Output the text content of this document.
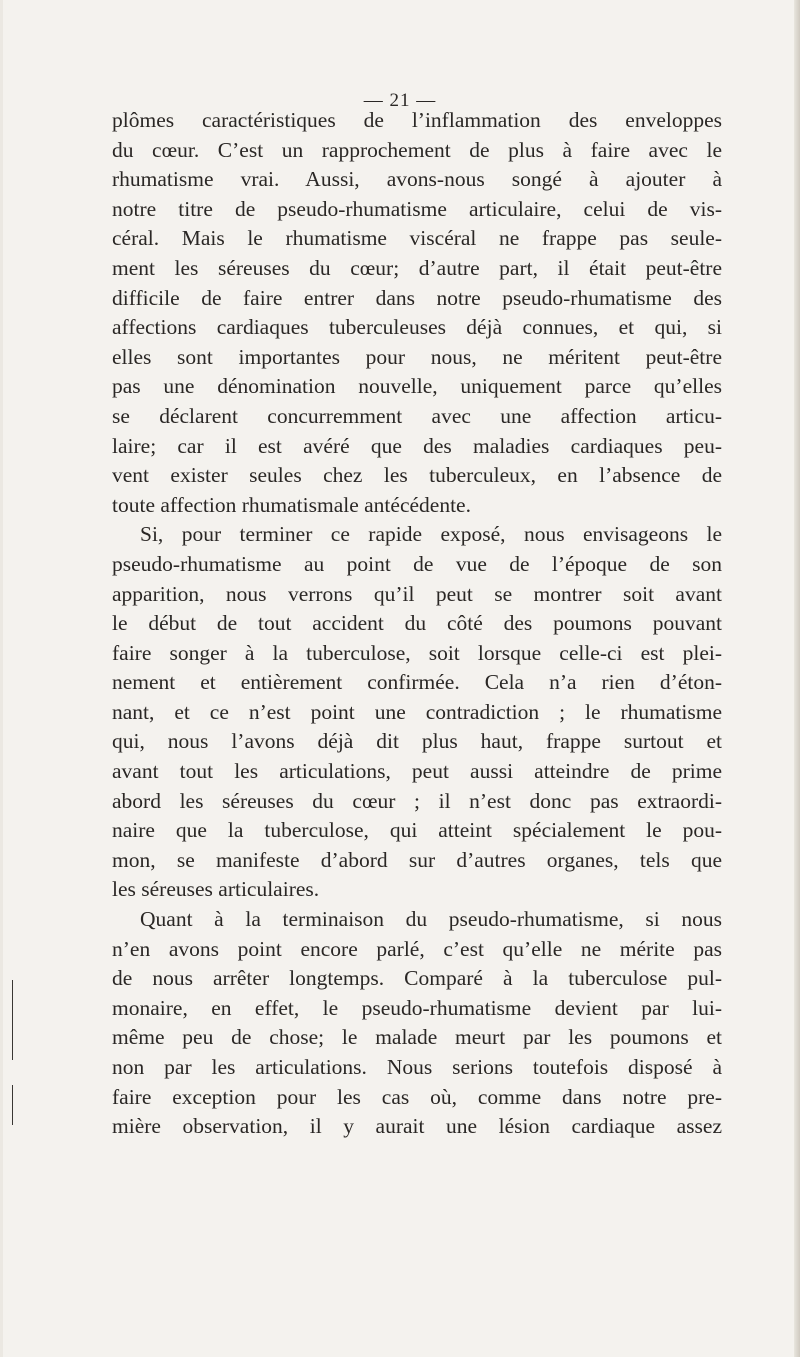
— 21 —
plômes caractéristiques de l’inflammation des enveloppes
du cœur. C’est un rapprochement de plus à faire avec le
rhumatisme vrai. Aussi, avons-nous songé à ajouter à
notre titre de pseudo-rhumatisme articulaire, celui de vis-
céral. Mais le rhumatisme viscéral ne frappe pas seule-
ment les séreuses du cœur; d’autre part, il était peut-être
difficile de faire entrer dans notre pseudo-rhumatisme des
affections cardiaques tuberculeuses déjà connues, et qui, si
elles sont importantes pour nous, ne méritent peut-être
pas une dénomination nouvelle, uniquement parce qu’elles
se déclarent concurremment avec une affection articu-
laire; car il est avéré que des maladies cardiaques peu-
vent exister seules chez les tuberculeux, en l’absence de
toute affection rhumatismale antécédente.
Si, pour terminer ce rapide exposé, nous envisageons le
pseudo-rhumatisme au point de vue de l’époque de son
apparition, nous verrons qu’il peut se montrer soit avant
le début de tout accident du côté des poumons pouvant
faire songer à la tuberculose, soit lorsque celle-ci est plei-
nement et entièrement confirmée. Cela n’a rien d’éton-
nant, et ce n’est point une contradiction ; le rhumatisme
qui, nous l’avons déjà dit plus haut, frappe surtout et
avant tout les articulations, peut aussi atteindre de prime
abord les séreuses du cœur ; il n’est donc pas extraordi-
naire que la tuberculose, qui atteint spécialement le pou-
mon, se manifeste d’abord sur d’autres organes, tels que
les séreuses articulaires.
Quant à la terminaison du pseudo-rhumatisme, si nous
n’en avons point encore parlé, c’est qu’elle ne mérite pas
de nous arrêter longtemps. Comparé à la tuberculose pul-
monaire, en effet, le pseudo-rhumatisme devient par lui-
même peu de chose; le malade meurt par les poumons et
non par les articulations. Nous serions toutefois disposé à
faire exception pour les cas où, comme dans notre pre-
mière observation, il y aurait une lésion cardiaque assez
